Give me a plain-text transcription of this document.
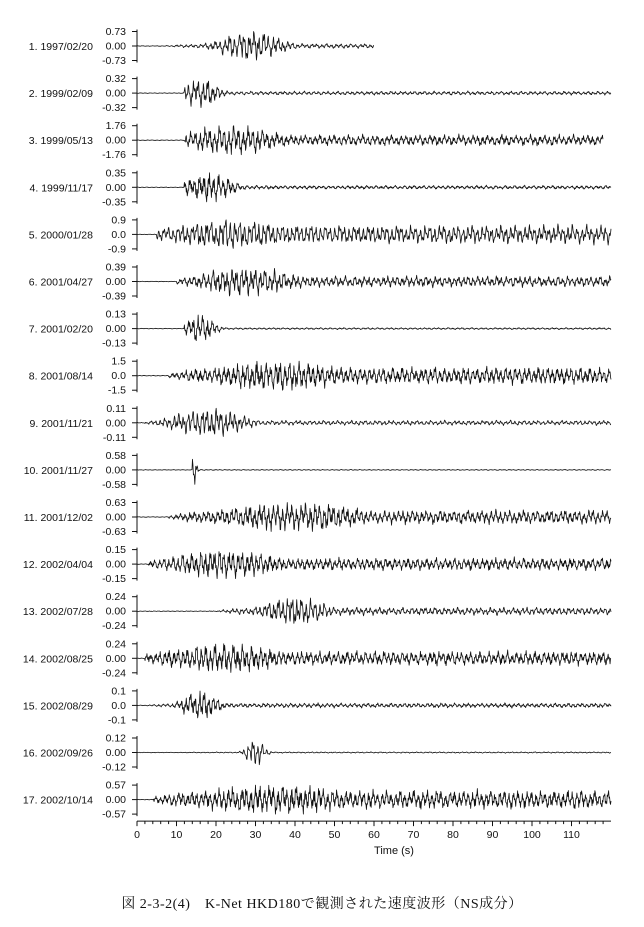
1. 1997/02/20
0.73
0.00
-0.73
2. 1999/02/09
0.32
0.00
-0.32
3. 1999/05/13
1.76
0.00
-1.76
4. 1999/11/17
0.35
0.00
-0.35
5. 2000/01/28
0.9
0.0
-0.9
6. 2001/04/27
0.39
0.00
-0.39
7. 2001/02/20
0.13
0.00
-0.13
8. 2001/08/14
1.5
0.0
-1.5
9. 2001/11/21
0.11
0.00
-0.11
10. 2001/11/27
0.58
0.00
-0.58
11. 2001/12/02
0.63
0.00
-0.63
12. 2002/04/04
0.15
0.00
-0.15
13. 2002/07/28
0.24
0.00
-0.24
14. 2002/08/25
0.24
0.00
-0.24
15. 2002/08/29
0.1
0.0
-0.1
16. 2002/09/26
0.12
0.00
-0.12
17. 2002/10/14
0.57
0.00
-0.57
0	10	20	30	40	50	60	70	80	90 100 110
Time (s)
図 2-3-2(4)　K-Net HKD180で観測された速度波形（NS成分）
